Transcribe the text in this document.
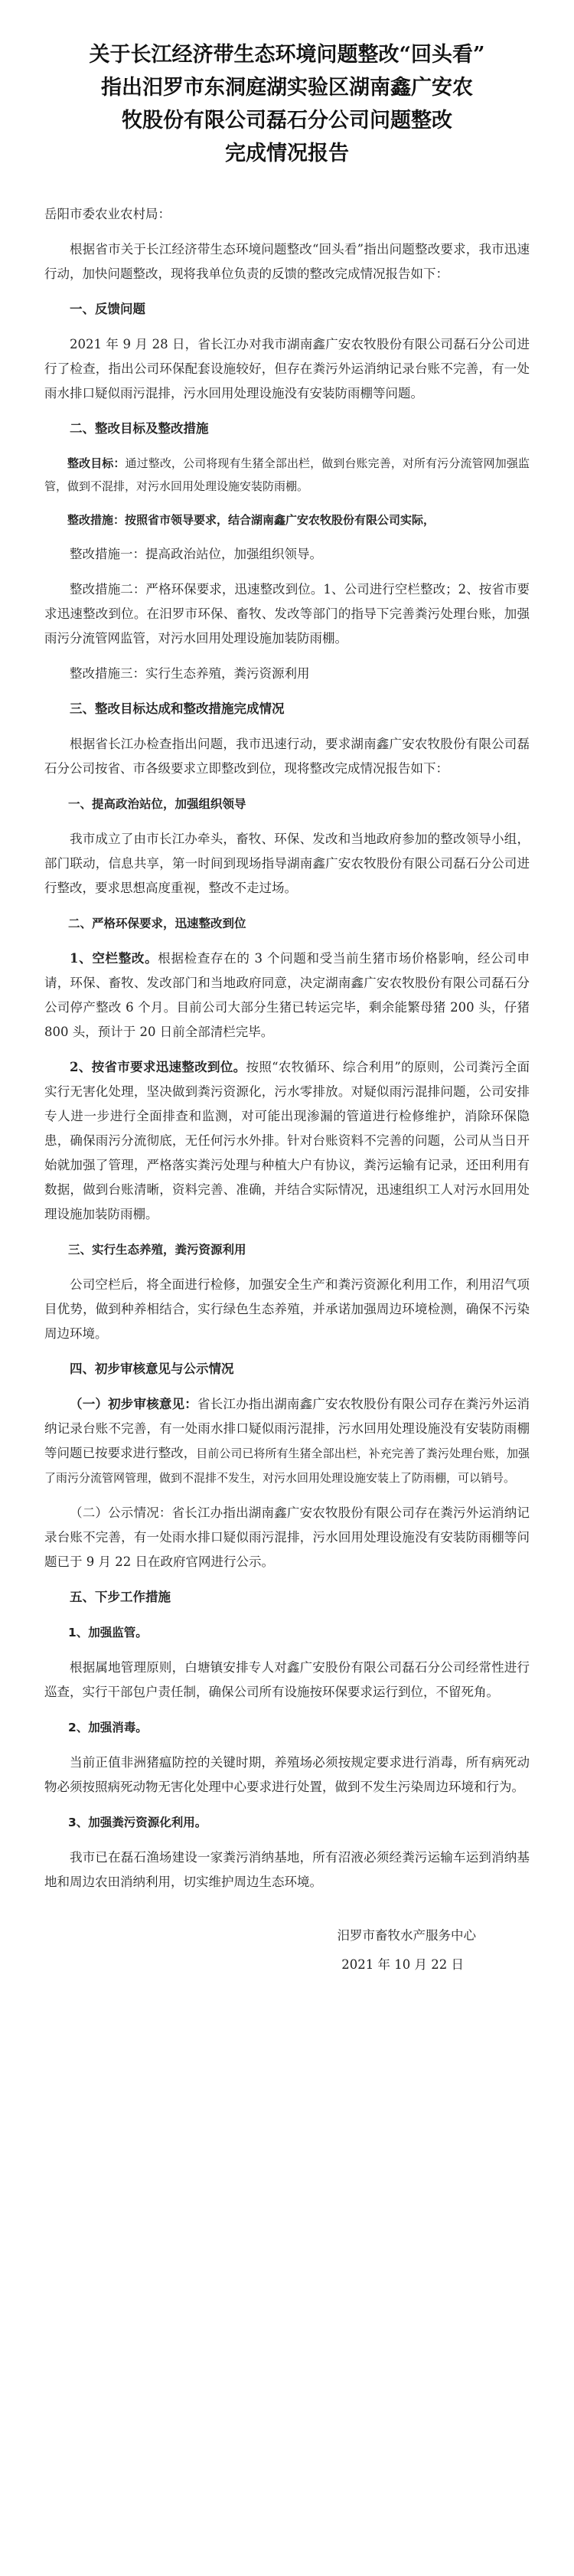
关于长江经济带生态环境问题整改“回头看”
指出汨罗市东洞庭湖实验区湖南鑫广安农
牧股份有限公司磊石分公司问题整改
完成情况报告

岳阳市委农业农村局：

根据省市关于长江经济带生态环境问题整改“回头看”指出问题整改要求，我市迅速行动，加快问题整改，现将我单位负责的反馈的整改完成情况报告如下：

一、反馈问题

2021 年 9 月 28 日，省长江办对我市湖南鑫广安农牧股份有限公司磊石分公司进行了检查，指出公司环保配套设施较好，但存在粪污外运消纳记录台账不完善，有一处雨水排口疑似雨污混排，污水回用处理设施没有安装防雨棚等问题。

二、整改目标及整改措施

整改目标：通过整改，公司将现有生猪全部出栏，做到台账完善，对所有污分流管网加强监管，做到不混排，对污水回用处理设施安装防雨棚。

整改措施：按照省市领导要求，结合湖南鑫广安农牧股份有限公司实际，

整改措施一：提高政治站位，加强组织领导。

整改措施二：严格环保要求，迅速整改到位。1、公司进行空栏整改；2、按省市要求迅速整改到位。在汨罗市环保、畜牧、发改等部门的指导下完善粪污处理台账，加强雨污分流管网监管，对污水回用处理设施加装防雨棚。

整改措施三：实行生态养殖，粪污资源利用

三、整改目标达成和整改措施完成情况

根据省长江办检查指出问题，我市迅速行动，要求湖南鑫广安农牧股份有限公司磊石分公司按省、市各级要求立即整改到位，现将整改完成情况报告如下：

一、提高政治站位，加强组织领导

我市成立了由市长江办牵头，畜牧、环保、发改和当地政府参加的整改领导小组，部门联动，信息共享，第一时间到现场指导湖南鑫广安农牧股份有限公司磊石分公司进行整改，要求思想高度重视，整改不走过场。

二、严格环保要求，迅速整改到位

1、空栏整改。根据检查存在的 3 个问题和受当前生猪市场价格影响，经公司申请，环保、畜牧、发改部门和当地政府同意，决定湖南鑫广安农牧股份有限公司磊石分公司停产整改 6 个月。目前公司大部分生猪已转运完毕，剩余能繁母猪 200 头，仔猪 800 头，预计于 20 日前全部清栏完毕。

2、按省市要求迅速整改到位。按照“农牧循环、综合利用”的原则，公司粪污全面实行无害化处理，坚决做到粪污资源化，污水零排放。对疑似雨污混排问题，公司安排专人进一步进行全面排查和监测，对可能出现渗漏的管道进行检修维护，消除环保隐患，确保雨污分流彻底，无任何污水外排。针对台账资料不完善的问题，公司从当日开始就加强了管理，严格落实粪污处理与种植大户有协议，粪污运输有记录，还田利用有数据，做到台账清晰，资料完善、准确，并结合实际情况，迅速组织工人对污水回用处理设施加装防雨棚。

三、实行生态养殖，粪污资源利用

公司空栏后，将全面进行检修，加强安全生产和粪污资源化利用工作，利用沼气项目优势，做到种养相结合，实行绿色生态养殖，并承诺加强周边环境检测，确保不污染周边环境。

四、初步审核意见与公示情况

（一）初步审核意见：省长江办指出湖南鑫广安农牧股份有限公司存在粪污外运消纳记录台账不完善，有一处雨水排口疑似雨污混排，污水回用处理设施没有安装防雨棚等问题已按要求进行整改，目前公司已将所有生猪全部出栏，补充完善了粪污处理台账，加强了雨污分流管网管理，做到不混排不发生，对污水回用处理设施安装上了防雨棚，可以销号。

（二）公示情况：省长江办指出湖南鑫广安农牧股份有限公司存在粪污外运消纳记录台账不完善，有一处雨水排口疑似雨污混排，污水回用处理设施没有安装防雨棚等问题已于 9 月 22 日在政府官网进行公示。

五、下步工作措施

1、加强监管。

根据属地管理原则，白塘镇安排专人对鑫广安股份有限公司磊石分公司经常性进行巡查，实行干部包户责任制，确保公司所有设施按环保要求运行到位，不留死角。

2、加强消毒。

当前正值非洲猪瘟防控的关键时期，养殖场必须按规定要求进行消毒，所有病死动物必须按照病死动物无害化处理中心要求进行处置，做到不发生污染周边环境和行为。

3、加强粪污资源化利用。

我市已在磊石渔场建设一家粪污消纳基地，所有沼液必须经粪污运输车运到消纳基地和周边农田消纳利用，切实维护周边生态环境。

汨罗市畜牧水产服务中心

2021 年 10 月 22 日
